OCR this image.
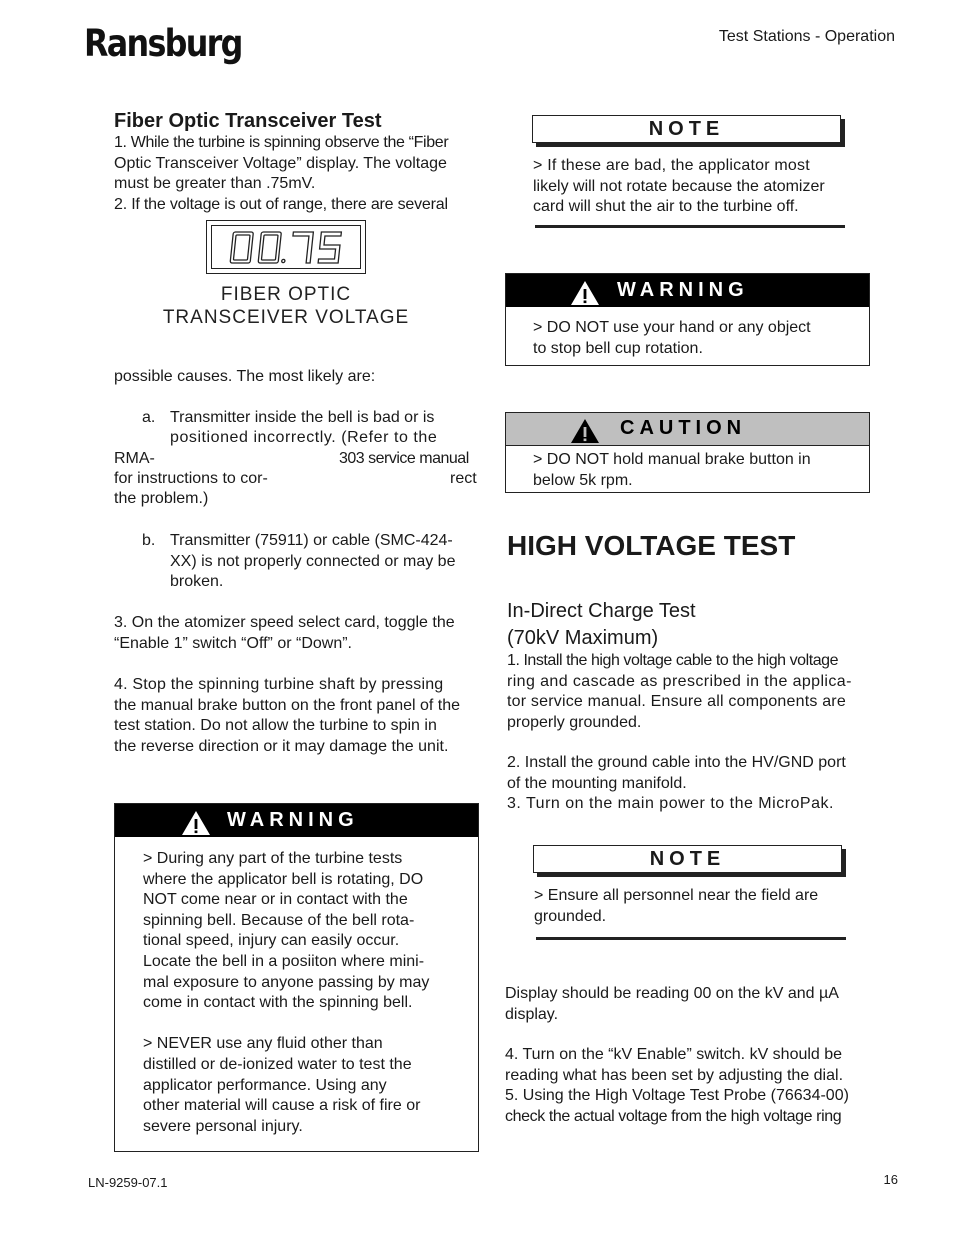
Ransburg	Test Stations - Operation
Fiber Optic Transceiver Test

1. While the turbine is spinning observe the “Fiber

Optic Transceiver Voltage” display. The voltage

must be greater than .75mV.

2. If the voltage is out of range, there are several

FIBER OPTIC
TRANSCEIVER VOLTAGE

possible causes. The most likely are:

a. Transmitter inside the bell is bad or is
positioned incorrectly. (Refer to the
RMA-	303 service manual
for instructions to cor-	rect
the problem.)
b. Transmitter (75911) or cable (SMC-424-

XX) is not properly connected or may be

broken.

3. On the atomizer speed select card, toggle the

“Enable 1” switch “Off” or “Down”.

4. Stop the spinning turbine shaft by pressing

the manual brake button on the front panel of the

test station. Do not allow the turbine to spin in

the reverse direction or it may damage the unit.

WARNING
> During any part of the turbine tests
where the applicator bell is rotating, DO
NOT come near or in contact with the
spinning bell. Because of the bell rota-
tional speed, injury can easily occur.
Locate the bell in a posiiton where mini-
mal exposure to anyone passing by may
come in contact with the spinning bell.
> NEVER use any fluid other than
distilled or de-ionized water to test the
applicator performance. Using any
other material will cause a risk of fire or
severe personal injury.
NOTE

> If these are bad, the applicator most

likely will not rotate because the atomizer

card will shut the air to the turbine off.

WARNING

> DO NOT use your hand or any object

to stop bell cup rotation.

CAUTION

> DO NOT hold manual brake button in

below 5k rpm.

HIGH VOLTAGE TEST
In-Direct Charge Test
(70kV Maximum)

1. Install the high voltage cable to the high voltage

ring and cascade as prescribed in the applica-

tor service manual. Ensure all components are

properly grounded.

2. Install the ground cable into the HV/GND port

of the mounting manifold.

3. Turn on the main power to the MicroPak.

NOTE

> Ensure all personnel near the field are

grounded.

Display should be reading 00 on the kV and µA

display.

4. Turn on the “kV Enable” switch. kV should be

reading what has been set by adjusting the dial.

5. Using the High Voltage Test Probe (76634-00)

check the actual voltage from the high voltage ring

LN-9259-07.1	16
